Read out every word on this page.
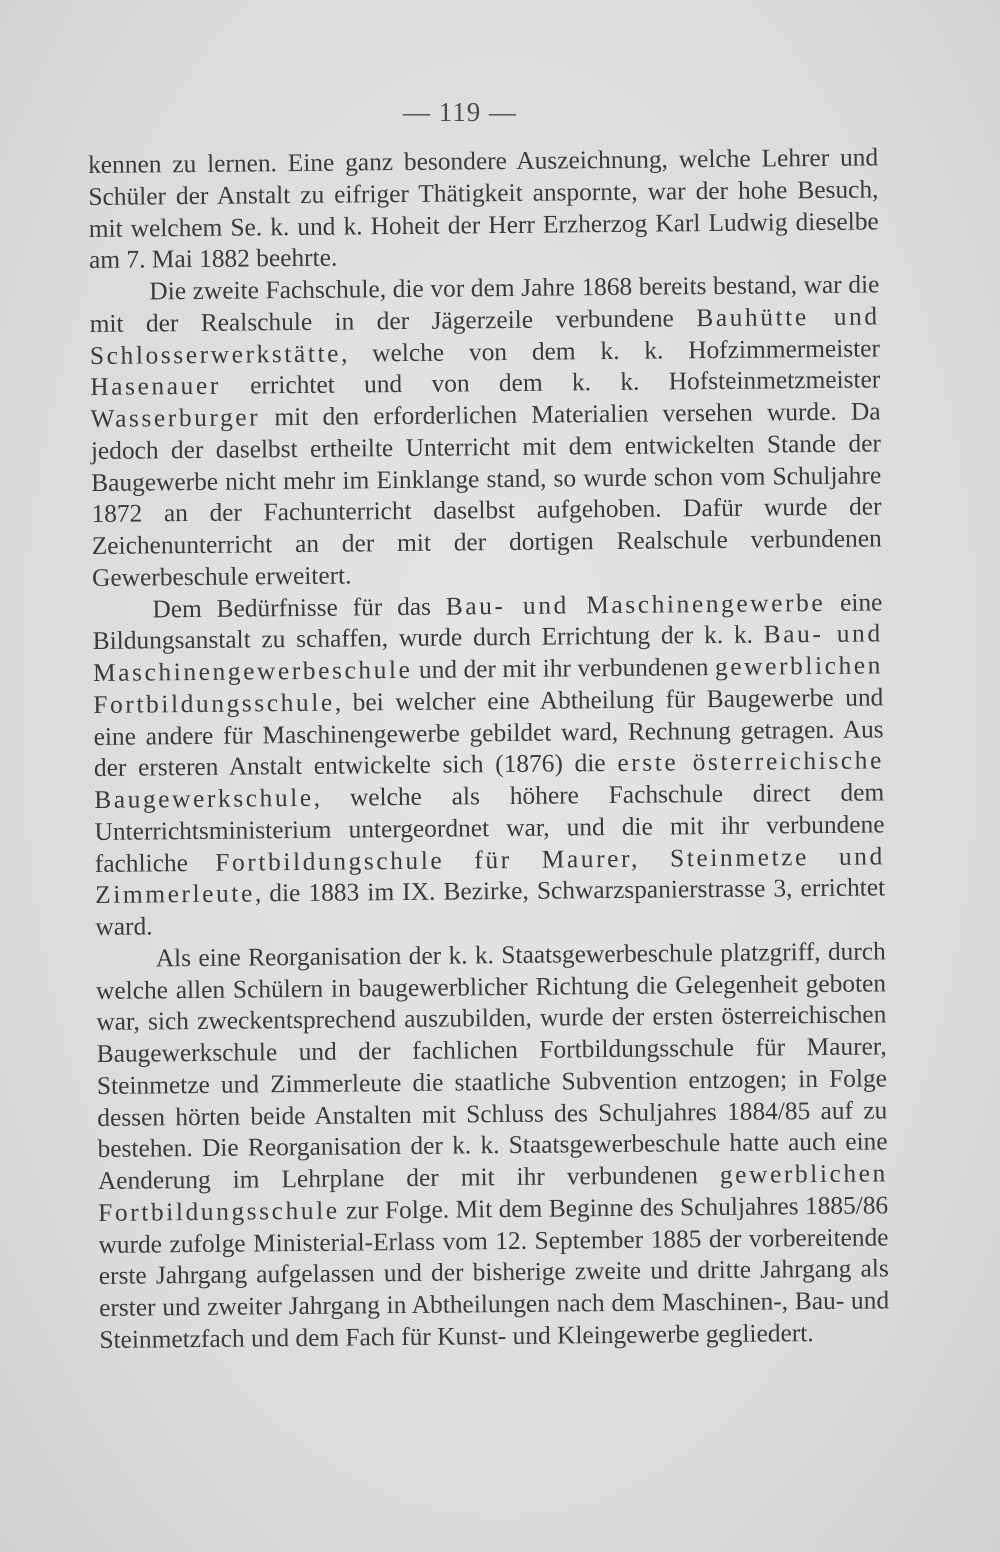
— 119 —

kennen zu lernen. Eine ganz besondere Auszeichnung, welche Lehrer und Schüler der Anstalt zu eifriger Thätigkeit anspornte, war der hohe Besuch, mit welchem Se. k. und k. Hoheit der Herr Erzherzog Karl Ludwig dieselbe am 7. Mai 1882 beehrte.

Die zweite Fachschule, die vor dem Jahre 1868 bereits bestand, war die mit der Realschule in der Jägerzeile verbundene Bauhütte und Schlosserwerkstätte, welche von dem k. k. Hofzimmermeister Hasenauer errichtet und von dem k. k. Hofsteinmetzmeister Wasserburger mit den erforderlichen Materialien versehen wurde. Da jedoch der daselbst ertheilte Unterricht mit dem entwickelten Stande der Baugewerbe nicht mehr im Einklange stand, so wurde schon vom Schuljahre 1872 an der Fachunterricht daselbst aufgehoben. Dafür wurde der Zeichenunterricht an der mit der dortigen Realschule verbundenen Gewerbeschule erweitert.

Dem Bedürfnisse für das Bau- und Maschinengewerbe eine Bildungsanstalt zu schaffen, wurde durch Errichtung der k. k. Bau- und Maschinengewerbeschule und der mit ihr verbundenen gewerblichen Fortbildungsschule, bei welcher eine Abtheilung für Baugewerbe und eine andere für Maschinengewerbe gebildet ward, Rechnung getragen. Aus der ersteren Anstalt entwickelte sich (1876) die erste österreichische Baugewerkschule, welche als höhere Fachschule direct dem Unterrichtsministerium untergeordnet war, und die mit ihr verbundene fachliche Fortbildungschule für Maurer, Steinmetze und Zimmerleute, die 1883 im IX. Bezirke, Schwarzspanierstrasse 3, errichtet ward.

Als eine Reorganisation der k. k. Staatsgewerbeschule platzgriff, durch welche allen Schülern in baugewerblicher Richtung die Gelegenheit geboten war, sich zweckentsprechend auszubilden, wurde der ersten österreichischen Baugewerkschule und der fachlichen Fortbildungsschule für Maurer, Steinmetze und Zimmerleute die staatliche Subvention entzogen; in Folge dessen hörten beide Anstalten mit Schluss des Schuljahres 1884/85 auf zu bestehen. Die Reorganisation der k. k. Staatsgewerbeschule hatte auch eine Aenderung im Lehrplane der mit ihr verbundenen gewerblichen Fortbildungsschule zur Folge. Mit dem Beginne des Schuljahres 1885/86 wurde zufolge Ministerial-Erlass vom 12. September 1885 der vorbereitende erste Jahrgang aufgelassen und der bisherige zweite und dritte Jahrgang als erster und zweiter Jahrgang in Abtheilungen nach dem Maschinen-, Bau- und Steinmetzfach und dem Fach für Kunst- und Kleingewerbe gegliedert.
